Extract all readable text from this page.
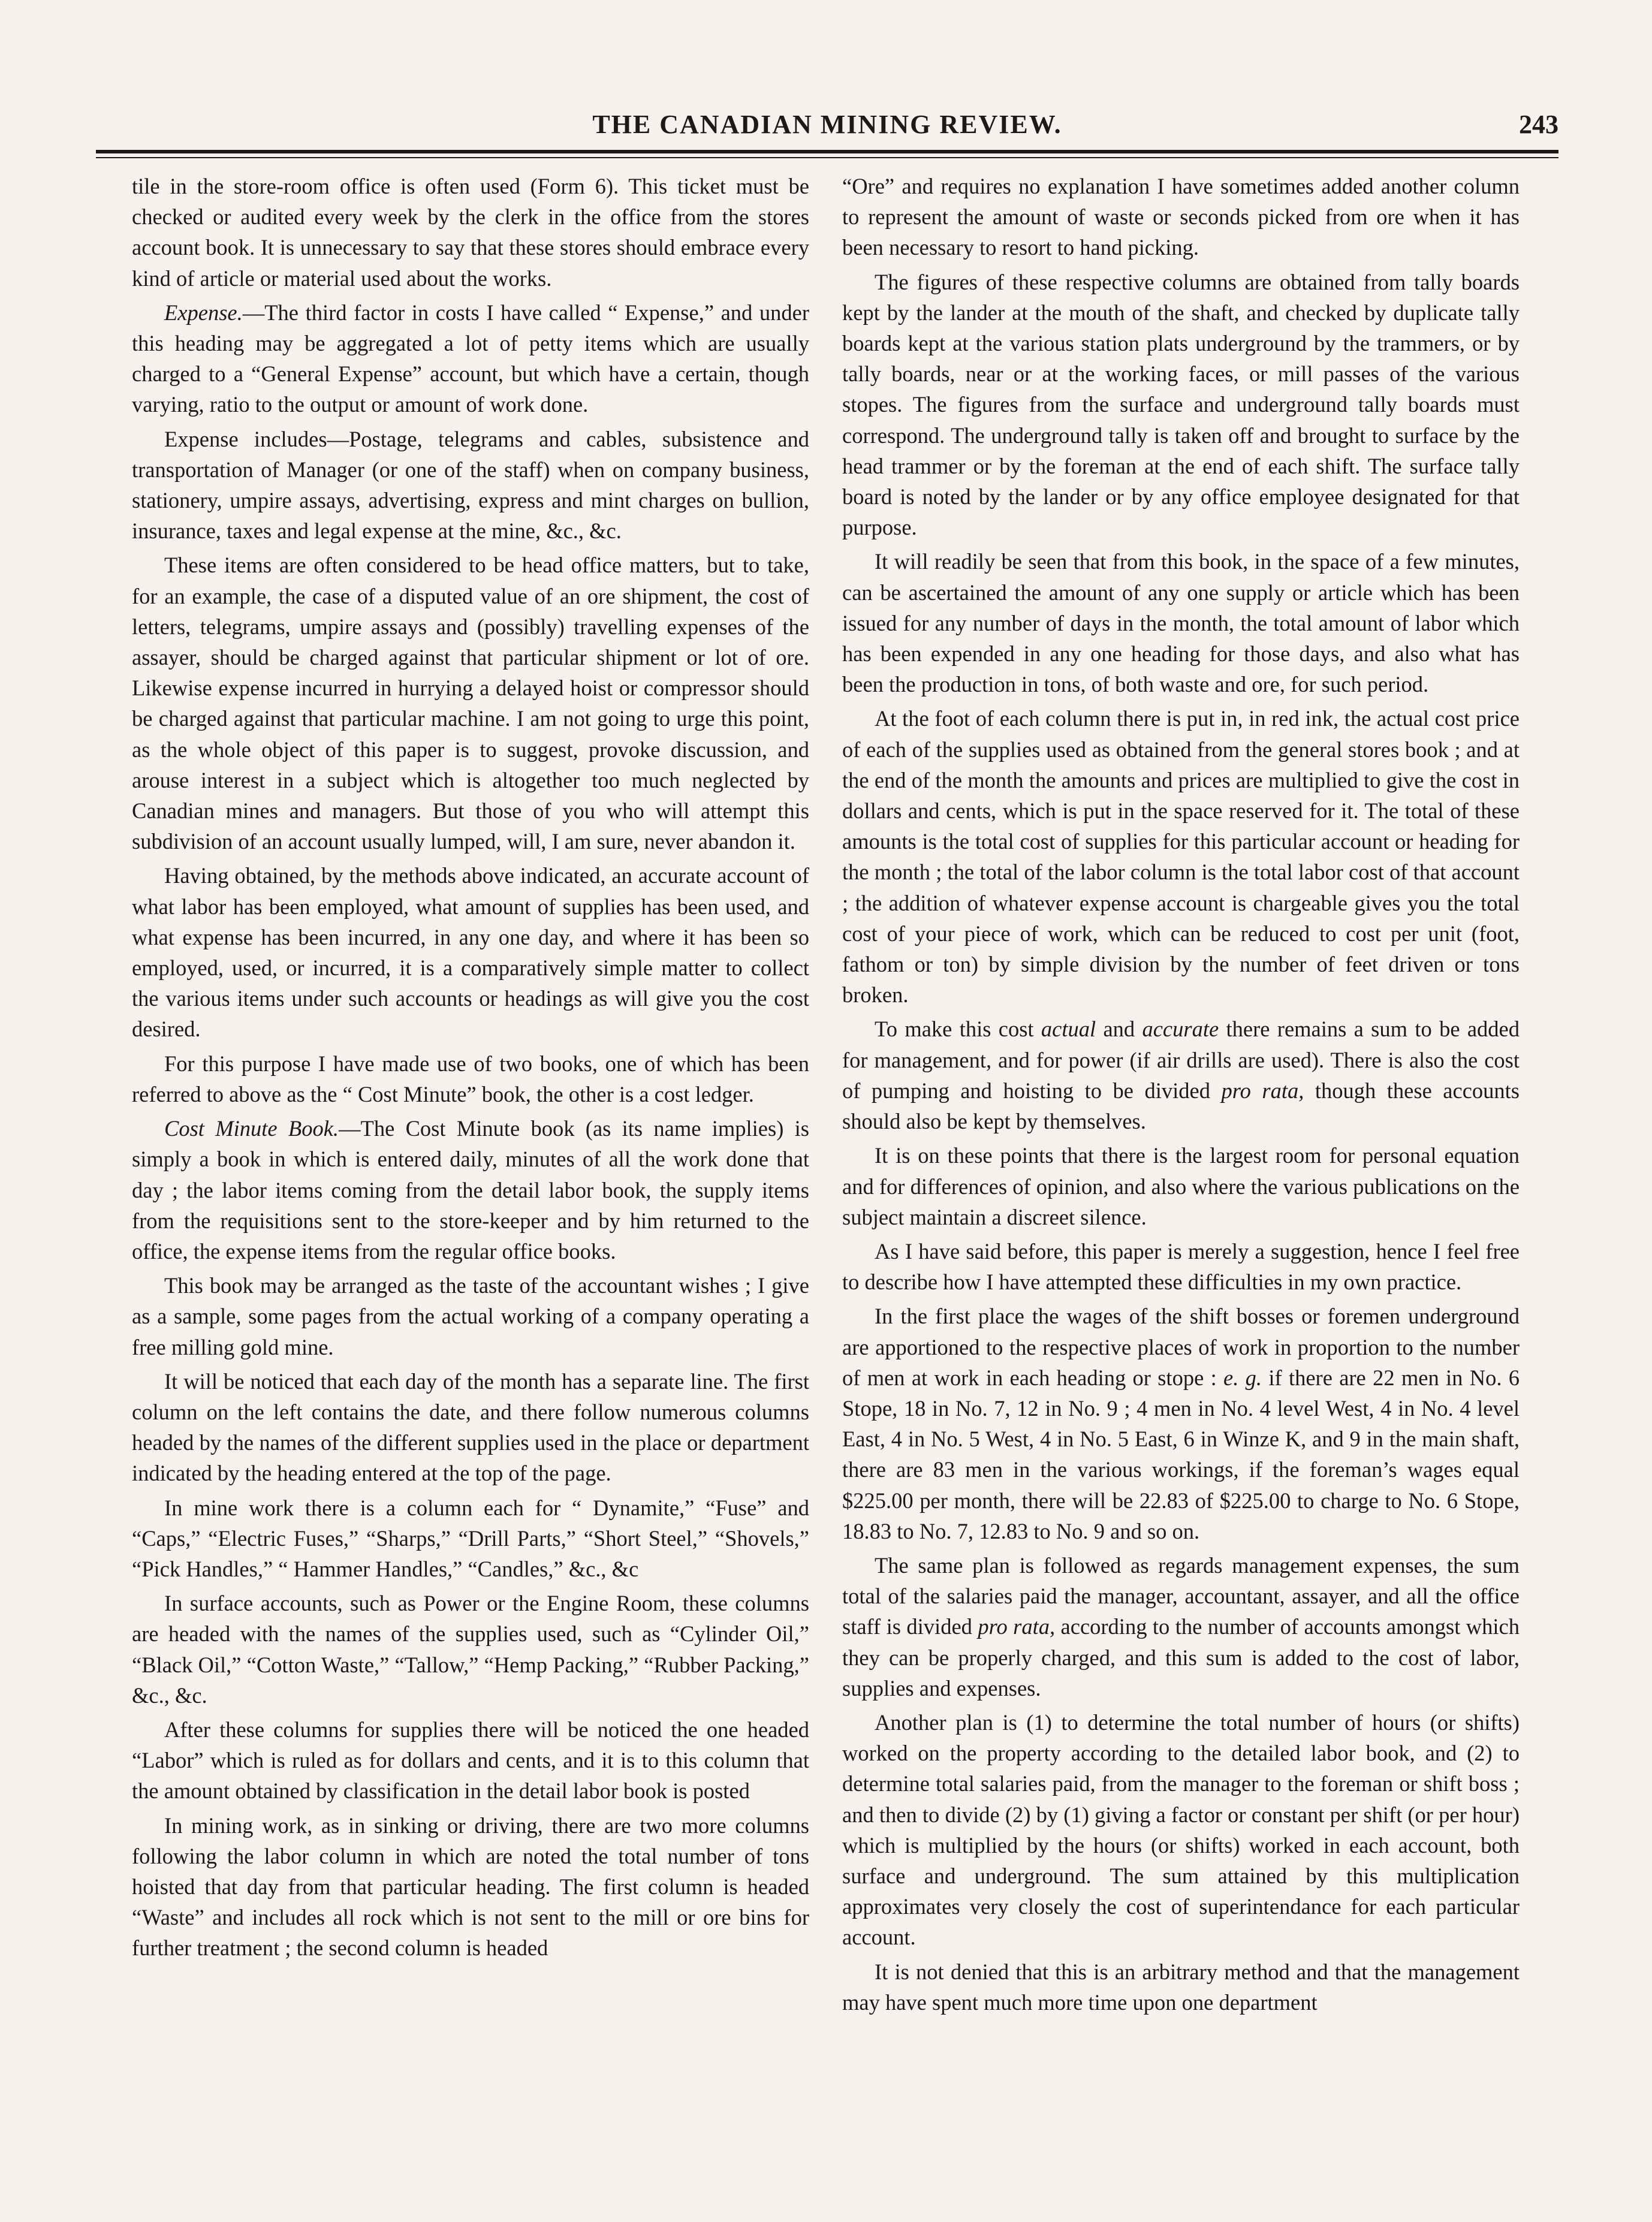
THE CANADIAN MINING REVIEW.	243

tile in the store-room office is often used (Form 6). This ticket must be checked or audited every week by the clerk in the office from the stores account book. It is unnecessary to say that these stores should embrace every kind of article or material used about the works.

Expense.—The third factor in costs I have called “ Expense,” and under this heading may be aggregated a lot of petty items which are usually charged to a “General Expense” account, but which have a certain, though varying, ratio to the output or amount of work done.

Expense includes—Postage, telegrams and cables, subsistence and transportation of Manager (or one of the staff) when on company business, stationery, umpire assays, advertising, express and mint charges on bullion, insurance, taxes and legal expense at the mine, &c., &c.

These items are often considered to be head office matters, but to take, for an example, the case of a disputed value of an ore shipment, the cost of letters, telegrams, umpire assays and (possibly) travelling expenses of the assayer, should be charged against that particular shipment or lot of ore. Likewise expense incurred in hurrying a delayed hoist or compressor should be charged against that particular machine. I am not going to urge this point, as the whole object of this paper is to suggest, provoke discussion, and arouse interest in a subject which is altogether too much neglected by Canadian mines and managers. But those of you who will attempt this subdivision of an account usually lumped, will, I am sure, never abandon it.

Having obtained, by the methods above indicated, an accurate account of what labor has been employed, what amount of supplies has been used, and what expense has been incurred, in any one day, and where it has been so employed, used, or incurred, it is a comparatively simple matter to collect the various items under such accounts or headings as will give you the cost desired.

For this purpose I have made use of two books, one of which has been referred to above as the “ Cost Minute” book, the other is a cost ledger.

Cost Minute Book.—The Cost Minute book (as its name implies) is simply a book in which is entered daily, minutes of all the work done that day ; the labor items coming from the detail labor book, the supply items from the requisitions sent to the store-keeper and by him returned to the office, the expense items from the regular office books.

This book may be arranged as the taste of the accountant wishes ; I give as a sample, some pages from the actual working of a company operating a free milling gold mine.

It will be noticed that each day of the month has a separate line. The first column on the left contains the date, and there follow numerous columns headed by the names of the different supplies used in the place or department indicated by the heading entered at the top of the page.

In mine work there is a column each for “ Dynamite,” “Fuse” and “Caps,” “Electric Fuses,” “Sharps,” “Drill Parts,” “Short Steel,” “Shovels,” “Pick Handles,” “ Hammer Handles,” “Candles,” &c., &c

In surface accounts, such as Power or the Engine Room, these columns are headed with the names of the supplies used, such as “Cylinder Oil,” “Black Oil,” “Cotton Waste,” “Tallow,” “Hemp Packing,” “Rubber Packing,” &c., &c.

After these columns for supplies there will be noticed the one headed “Labor” which is ruled as for dollars and cents, and it is to this column that the amount obtained by classification in the detail labor book is posted

In mining work, as in sinking or driving, there are two more columns following the labor column in which are noted the total number of tons hoisted that day from that particular heading. The first column is headed “Waste” and includes all rock which is not sent to the mill or ore bins for further treatment ; the second column is headed

“Ore” and requires no explanation I have sometimes added another column to represent the amount of waste or seconds picked from ore when it has been necessary to resort to hand picking.

The figures of these respective columns are obtained from tally boards kept by the lander at the mouth of the shaft, and checked by duplicate tally boards kept at the various station plats underground by the trammers, or by tally boards, near or at the working faces, or mill passes of the various stopes. The figures from the surface and underground tally boards must correspond. The underground tally is taken off and brought to surface by the head trammer or by the foreman at the end of each shift. The surface tally board is noted by the lander or by any office employee designated for that purpose.

It will readily be seen that from this book, in the space of a few minutes, can be ascertained the amount of any one supply or article which has been issued for any number of days in the month, the total amount of labor which has been expended in any one heading for those days, and also what has been the production in tons, of both waste and ore, for such period.

At the foot of each column there is put in, in red ink, the actual cost price of each of the supplies used as obtained from the general stores book ; and at the end of the month the amounts and prices are multiplied to give the cost in dollars and cents, which is put in the space reserved for it. The total of these amounts is the total cost of supplies for this particular account or heading for the month ; the total of the labor column is the total labor cost of that account ; the addition of whatever expense account is chargeable gives you the total cost of your piece of work, which can be reduced to cost per unit (foot, fathom or ton) by simple division by the number of feet driven or tons broken.

To make this cost actual and accurate there remains a sum to be added for management, and for power (if air drills are used). There is also the cost of pumping and hoisting to be divided pro rata, though these accounts should also be kept by themselves.

It is on these points that there is the largest room for personal equation and for differences of opinion, and also where the various publications on the subject maintain a discreet silence.

As I have said before, this paper is merely a suggestion, hence I feel free to describe how I have attempted these difficulties in my own practice.

In the first place the wages of the shift bosses or foremen underground are apportioned to the respective places of work in proportion to the number of men at work in each heading or stope : e. g. if there are 22 men in No. 6 Stope, 18 in No. 7, 12 in No. 9 ; 4 men in No. 4 level West, 4 in No. 4 level East, 4 in No. 5 West, 4 in No. 5 East, 6 in Winze K, and 9 in the main shaft, there are 83 men in the various workings, if the foreman’s wages equal $225.00 per month, there will be 22.83 of $225.00 to charge to No. 6 Stope, 18.83 to No. 7, 12.83 to No. 9 and so on.

The same plan is followed as regards management expenses, the sum total of the salaries paid the manager, accountant, assayer, and all the office staff is divided pro rata, according to the number of accounts amongst which they can be properly charged, and this sum is added to the cost of labor, supplies and expenses.

Another plan is (1) to determine the total number of hours (or shifts) worked on the property according to the detailed labor book, and (2) to determine total salaries paid, from the manager to the foreman or shift boss ; and then to divide (2) by (1) giving a factor or constant per shift (or per hour) which is multiplied by the hours (or shifts) worked in each account, both surface and underground. The sum attained by this multiplication approximates very closely the cost of superintendance for each particular account.

It is not denied that this is an arbitrary method and that the management may have spent much more time upon one department
